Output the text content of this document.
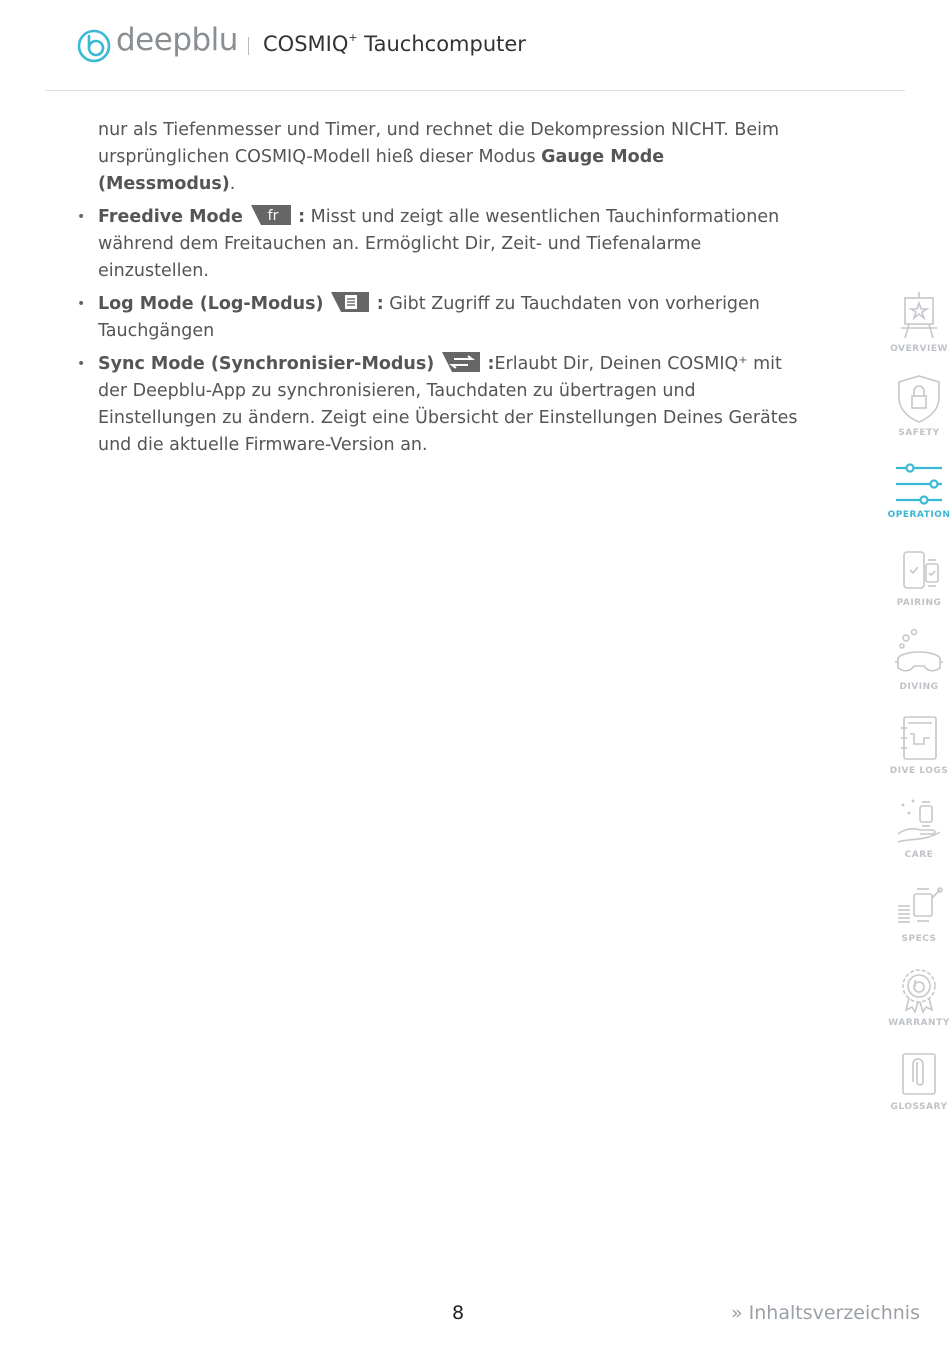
deepblu COSMIQ+ Tauchcomputer

nur als Tiefenmesser und Timer, und rechnet die Dekompression NICHT. Beim
ursprünglichen COSMIQ-Modell hieß dieser Modus Gauge Mode (Messmodus).

• Freedive Mode fr : Misst und zeigt alle wesentlichen Tauchinformationen während dem Freitauchen an. Ermöglicht Dir, Zeit- und Tiefenalarme einzustellen.
• Log Mode (Log-Modus)	: Gibt Zugriff zu Tauchdaten von vorherigen Tauchgängen
• Sync Mode (Synchronisier-Modus)	:Erlaubt Dir, Deinen COSMIQ⁺ mit der Deepblu-App zu synchronisieren, Tauchdaten zu übertragen und Einstellungen zu ändern. Zeigt eine Übersicht der Einstellungen Deines Gerätes und die aktuelle Firmware-Version an.
OVERVIEW
SAFETY
OPERATION
PAIRING
DIVING
DIVE LOGS
CARE
SPECS
WARRANTY
GLOSSARY
8	» Inhaltsverzeichnis
